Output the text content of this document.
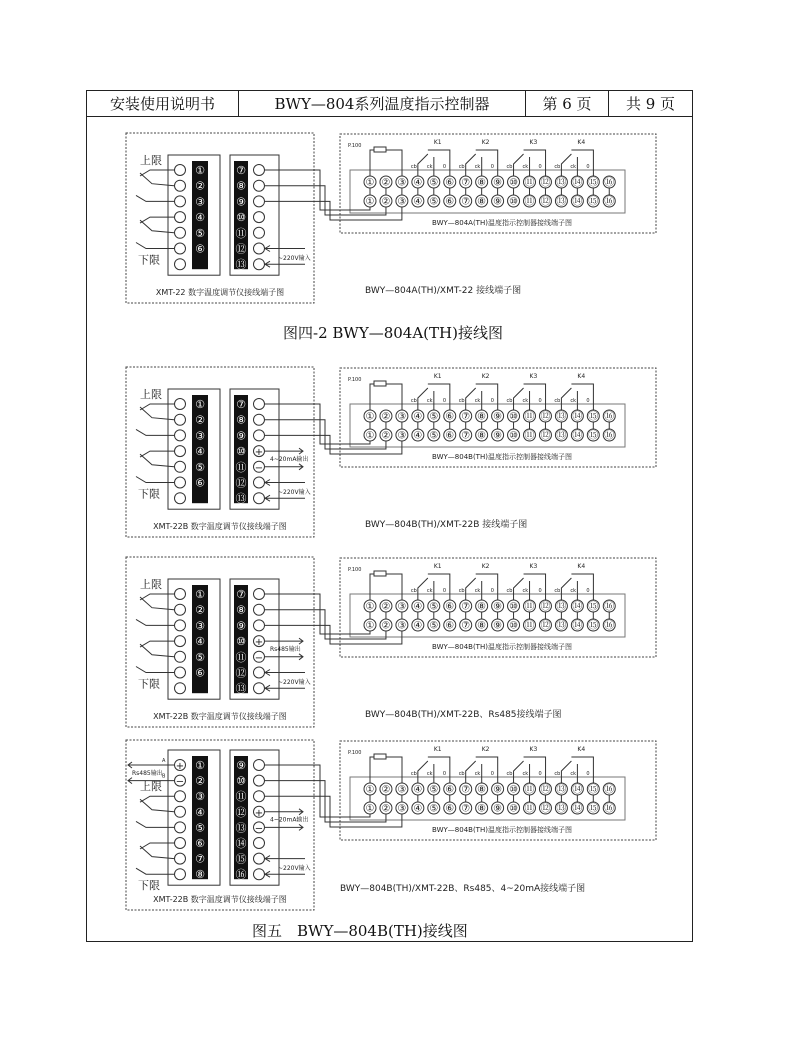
安装使用说明书	BWY—804系列温度指示控制器	第 6 页	共 9 页
①	⑦
②	⑧
③	⑨
④	⑩
⑤	⑪
⑥	⑫
⑬
上限
下限	~220V输入
XMT-22 数字温度调节仪接线端子图
①
①
②
②
③
③
④
④
⑤
⑤
⑥
⑥
⑦
⑦
⑧
⑧
⑨
⑨
⑩
⑩
⑪
⑪
⑫
⑫
⑬
⑬
⑭
⑭
⑮
⑮
⑯
⑯
P.100	K1
cb ck 0
K2
cb ck 0
K3
cb ck 0
K4
cb ck 0
BWY—804A(TH)温度指示控制器接线端子图
BWY—804A(TH)/XMT-22 接线端子图
图四-2 BWY—804A(TH)接线图
①	⑦
②	⑧
③	⑨
④	⑩ +
⑤	⑪ −
⑥	⑫
⑬
上限
下限	~220V输入
4~20mA输出
XMT-22B 数字温度调节仪接线端子图
①
①
②
②
③
③
④
④
⑤
⑤
⑥
⑥
⑦
⑦
⑧
⑧
⑨
⑨
⑩
⑩
⑪
⑪
⑫
⑫
⑬
⑬
⑭
⑭
⑮
⑮
⑯
⑯
P.100	K1
cb ck 0
K2
cb ck 0
K3
cb ck 0
K4
cb ck 0
BWY—804B(TH)温度指示控制器接线端子图
BWY—804B(TH)/XMT-22B 接线端子图
①	⑦
②	⑧
③	⑨
④	⑩ +
⑤	⑪ −
⑥	⑫
⑬
上限
下限	~220V输入
Rs485输出
XMT-22B 数字温度调节仪接线端子图
①
①
②
②
③
③
④
④
⑤
⑤
⑥
⑥
⑦
⑦
⑧
⑧
⑨
⑨
⑩
⑩
⑪
⑪
⑫
⑫
⑬
⑬
⑭
⑭
⑮
⑮
⑯
⑯
P.100	K1
cb ck 0
K2
cb ck 0
K3
cb ck 0
K4
cb ck 0
BWY—804B(TH)温度指示控制器接线端子图
BWY—804B(TH)/XMT-22B、Rs485接线端子图
+ ①	⑨
− ②	⑩
③	⑪
④	⑫ +
⑤	⑬ −
⑥	⑭
⑦	⑮
⑧	⑯
上限
下限
A
B
Rs485输出
~220V输入
4~20mA输出
XMT-22B 数字温度调节仪接线端子图
①
①
②
②
③
③
④
④
⑤
⑤
⑥
⑥
⑦
⑦
⑧
⑧
⑨
⑨
⑩
⑩
⑪
⑪
⑫
⑫
⑬
⑬
⑭
⑭
⑮
⑮
⑯
⑯
P.100	K1
cb ck 0
K2
cb ck 0
K3
cb ck 0
K4
cb ck 0
BWY—804B(TH)温度指示控制器接线端子图
BWY—804B(TH)/XMT-22B、Rs485、4~20mA接线端子图
图五　BWY—804B(TH)接线图
